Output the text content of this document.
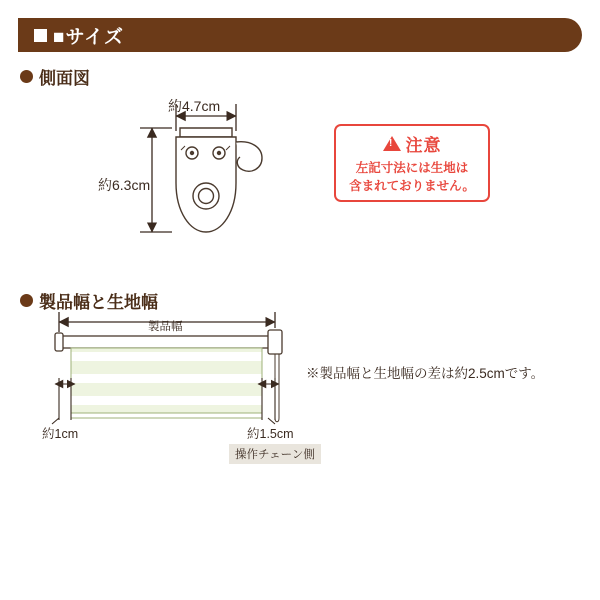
■サイズ
側面図
製品幅と生地幅
!
注意
左記寸法には生地は
含まれておりません。
約4.7cm
約6.3cm
製品幅
約1cm	約1.5cm
※製品幅と生地幅の差は約2.5cmです。
操作チェーン側
